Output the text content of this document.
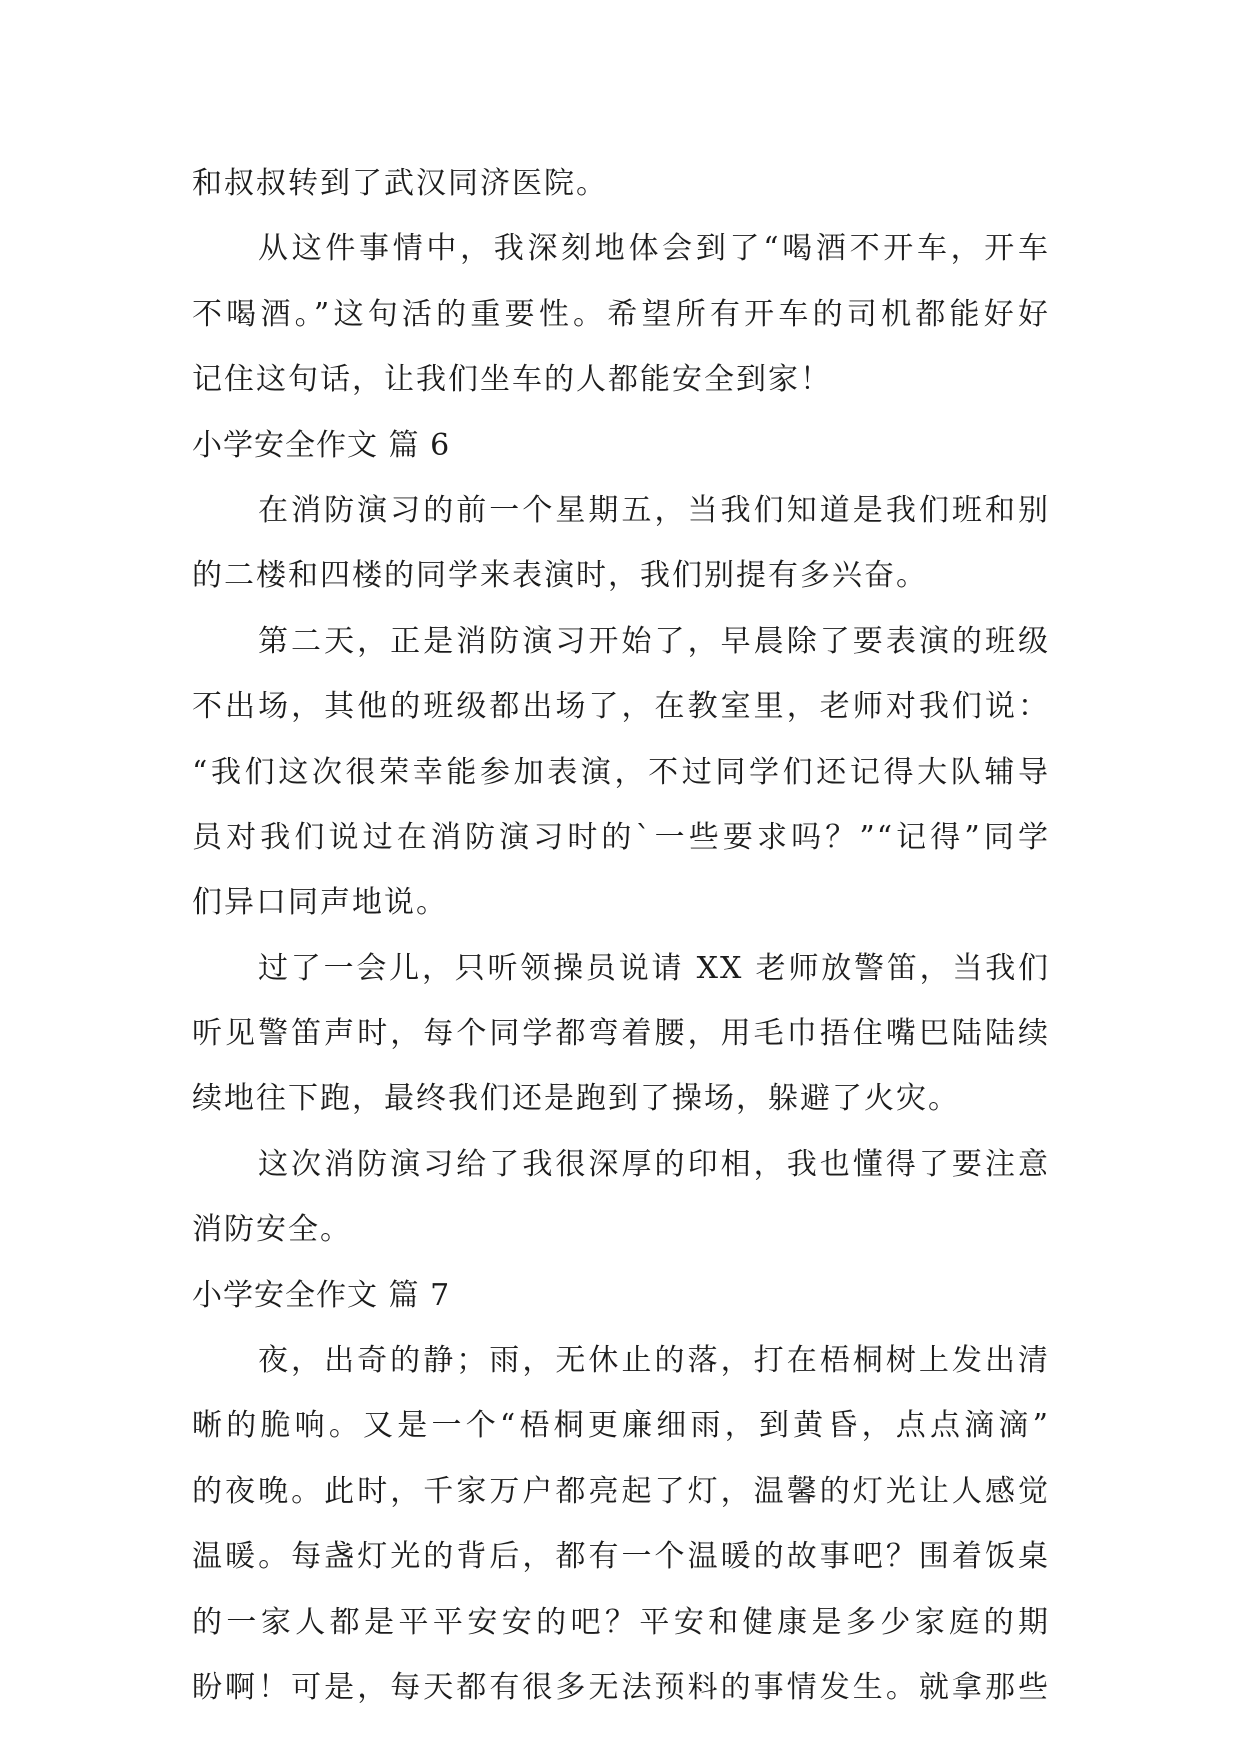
和叔叔转到了武汉同济医院。
从这件事情中，我深刻地体会到了“喝酒不开车，开车
不喝酒。”这句活的重要性。希望所有开车的司机都能好好
记住这句话，让我们坐车的人都能安全到家！
小学安全作文 篇 6
在消防演习的前一个星期五，当我们知道是我们班和别
的二楼和四楼的同学来表演时，我们别提有多兴奋。
第二天，正是消防演习开始了，早晨除了要表演的班级
不出场，其他的班级都出场了，在教室里，老师对我们说：
“我们这次很荣幸能参加表演，不过同学们还记得大队辅导
员对我们说过在消防演习时的`一些要求吗？”“记得”同学
们异口同声地说。
过了一会儿，只听领操员说请 XX 老师放警笛，当我们
听见警笛声时，每个同学都弯着腰，用毛巾捂住嘴巴陆陆续
续地往下跑，最终我们还是跑到了操场，躲避了火灾。
这次消防演习给了我很深厚的印相，我也懂得了要注意
消防安全。
小学安全作文 篇 7
夜，出奇的静；雨，无休止的落，打在梧桐树上发出清
晰的脆响。又是一个“梧桐更廉细雨，到黄昏，点点滴滴”
的夜晚。此时，千家万户都亮起了灯，温馨的灯光让人感觉
温暖。每盏灯光的背后，都有一个温暖的故事吧？围着饭桌
的一家人都是平平安安的吧？平安和健康是多少家庭的期
盼啊！可是，每天都有很多无法预料的事情发生。就拿那些
